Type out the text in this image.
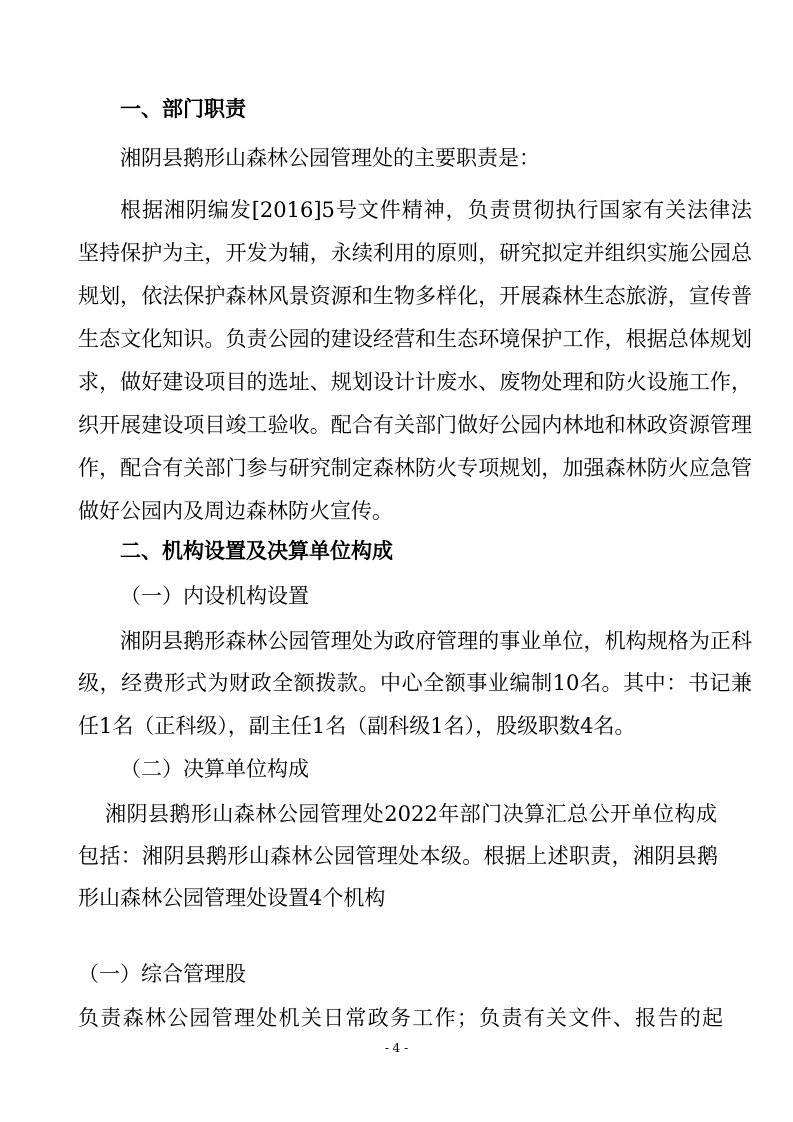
一、部门职责
湘阴县鹅形山森林公园管理处的主要职责是：
根据湘阴编发[2016]5号文件精神，负责贯彻执行国家有关法律法
坚持保护为主，开发为辅，永续利用的原则，研究拟定并组织实施公园总
规划，依法保护森林风景资源和生物多样化，开展森林生态旅游，宣传普
生态文化知识。负责公园的建设经营和生态环境保护工作，根据总体规划
求，做好建设项目的选址、规划设计计废水、废物处理和防火设施工作，
织开展建设项目竣工验收。配合有关部门做好公园内林地和林政资源管理
作，配合有关部门参与研究制定森林防火专项规划，加强森林防火应急管
做好公园内及周边森林防火宣传。
二、机构设置及决算单位构成
（一）内设机构设置
湘阴县鹅形森林公园管理处为政府管理的事业单位，机构规格为正科
级，经费形式为财政全额拨款。中心全额事业编制10名。其中：书记兼
任1名（正科级），副主任1名（副科级1名），股级职数4名。
（二）决算单位构成
湘阴县鹅形山森林公园管理处2022年部门决算汇总公开单位构成
包括：湘阴县鹅形山森林公园管理处本级。根据上述职责，湘阴县鹅
形山森林公园管理处设置4个机构
（一）综合管理股
负责森林公园管理处机关日常政务工作；负责有关文件、报告的起
- 4 -
